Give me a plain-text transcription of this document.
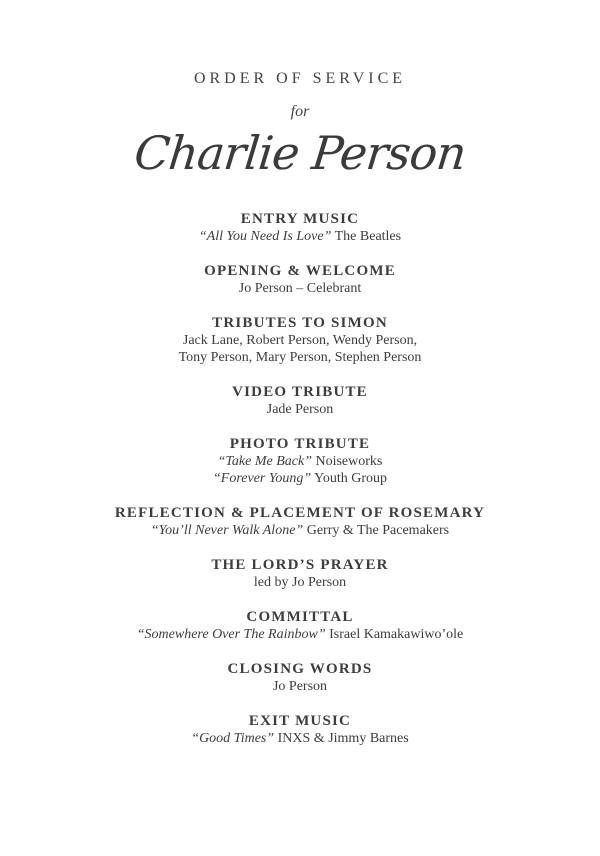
ORDER OF SERVICE
for
Charlie Person
ENTRY MUSIC
“All You Need Is Love” The Beatles
OPENING & WELCOME
Jo Person – Celebrant
TRIBUTES TO SIMON
Jack Lane, Robert Person, Wendy Person,
Tony Person, Mary Person, Stephen Person
VIDEO TRIBUTE
Jade Person
PHOTO TRIBUTE
“Take Me Back” Noiseworks
“Forever Young” Youth Group
REFLECTION & PLACEMENT OF ROSEMARY
“You’ll Never Walk Alone” Gerry & The Pacemakers
THE LORD’S PRAYER
led by Jo Person
COMMITTAL
“Somewhere Over The Rainbow” Israel Kamakawiwo’ole
CLOSING WORDS
Jo Person
EXIT MUSIC
“Good Times” INXS & Jimmy Barnes
